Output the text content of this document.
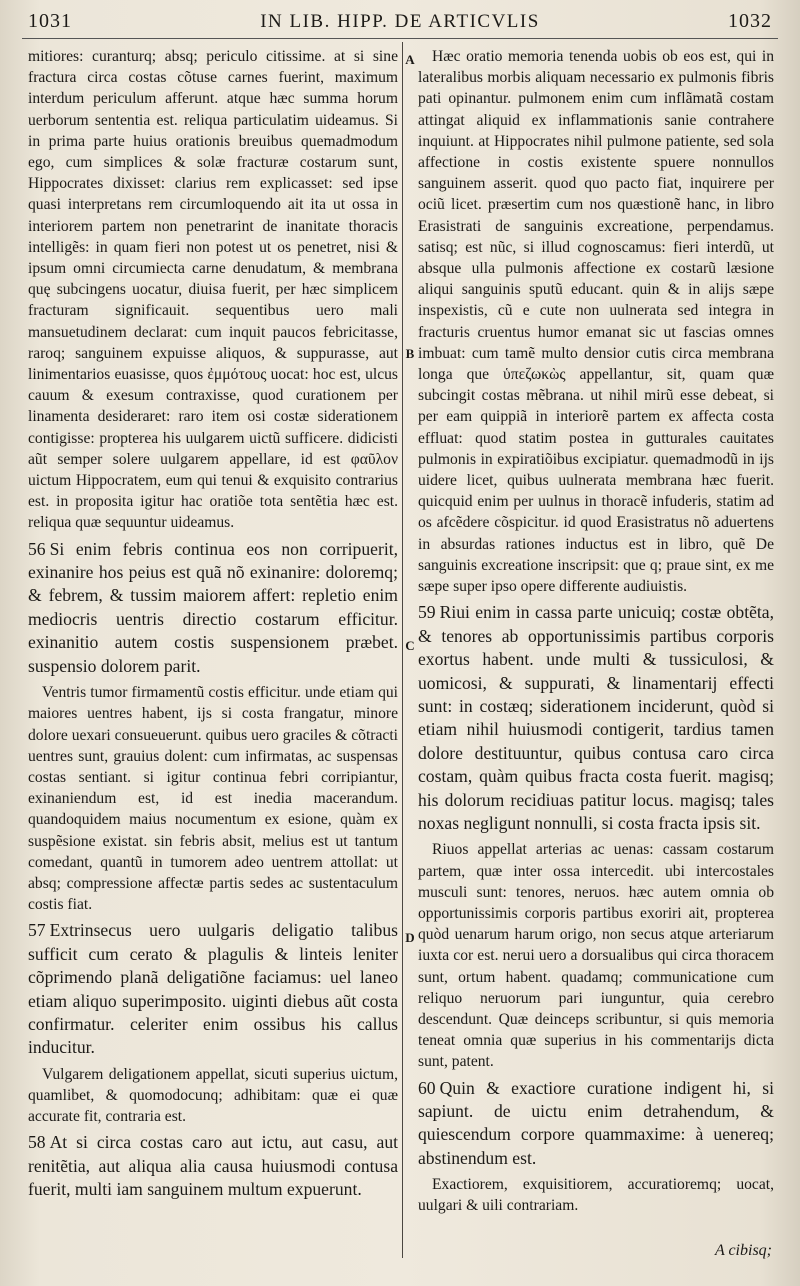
1031	IN LIB. HIPP. DE ARTICVLIS	1032

mitiores: curanturq; absq; periculo citissime. at si sine fractura circa costas cõtuse carnes fuerint, maximum interdum periculum afferunt. atque hæc summa horum uerborum sententia est. reliqua particulatim uideamus. Si in prima parte huius orationis breuibus quemadmodum ego, cum simplices & solæ fracturæ costarum sunt, Hippocrates dixisset: clarius rem explicasset: sed ipse quasi interpretans rem circumloquendo ait ita ut ossa in interiorem partem non penetrarint de inanitate thoracis intelligẽs: in quam fieri non potest ut os penetret, nisi & ipsum omni circumiecta carne denudatum, & membrana quę subcingens uocatur, diuisa fuerit, per hæc simplicem fracturam significauit. sequentibus uero mali mansuetudinem declarat: cum inquit paucos febricitasse, raroq; sanguinem expuisse aliquos, & suppurasse, aut linimentarios euasisse, quos ἐμμότους uocat: hoc est, ulcus cauum & exesum contraxisse, quod curationem per linamenta desideraret: raro item osi costæ siderationem contigisse: propterea his uulgarem uictũ sufficere. didicisti aũt semper solere uulgarem appellare, id est φαῦλον uictum Hippocratem, eum qui tenui & exquisito contrarius est. in proposita igitur hac oratiõe tota sentẽtia hæc est. reliqua quæ sequuntur uideamus.

56 Si enim febris continua eos non corripuerit, exinanire hos peius est quã nõ exinanire: doloremq; & febrem, & tussim maiorem affert: repletio enim mediocris uentris directio costarum efficitur. exinanitio autem costis suspensionem præbet. suspensio dolorem parit.

Ventris tumor firmamentũ costis efficitur. unde etiam qui maiores uentres habent, ijs si costa frangatur, minore dolore uexari consueuerunt. quibus uero graciles & cõtracti uentres sunt, grauius dolent: cum infirmatas, ac suspensas costas sentiant. si igitur continua febri corripiantur, exinaniendum est, id est inedia macerandum. quandoquidem maius nocumentum ex esione, quàm ex suspẽsione existat. sin febris absit, melius est ut tantum comedant, quantũ in tumorem adeo uentrem attollat: ut absq; compressione affectæ partis sedes ac sustentaculum costis fiat.

57 Extrinsecus uero uulgaris deligatio talibus sufficit cum cerato & plagulis & linteis leniter cõprimendo planã deligatiõne faciamus: uel laneo etiam aliquo superimposito. uiginti diebus aũt costa confirmatur. celeriter enim ossibus his callus inducitur.

Vulgarem deligationem appellat, sicuti superius uictum, quamlibet, & quomodocunq; adhibitam: quæ ei quæ accurate fit, contraria est.

58 At si circa costas caro aut ictu, aut casu, aut renitẽtia, aut aliqua alia causa huiusmodi contusa fuerit, multi iam sanguinem multum expuerunt.

A
B
C
D

Hæc oratio memoria tenenda uobis ob eos est, qui in lateralibus morbis aliquam necessario ex pulmonis fibris pati opinantur. pulmonem enim cum inflãmatã costam attingat aliquid ex inflammationis sanie contrahere inquiunt. at Hippocrates nihil pulmone patiente, sed sola affectione in costis existente spuere nonnullos sanguinem asserit. quod quo pacto fiat, inquirere per ociũ licet. præsertim cum nos quæstionẽ hanc, in libro Erasistrati de sanguinis excreatione, perpendamus. satisq; est nũc, si illud cognoscamus: fieri interdũ, ut absque ulla pulmonis affectione ex costarũ læsione aliqui sanguinis sputũ educant. quin & in alijs sæpe inspexistis, cũ e cute non uulnerata sed integra in fracturis cruentus humor emanat sic ut fascias omnes imbuat: cum tamẽ multo densior cutis circa membrana longa que ὑπεζωκὼς appellantur, sit, quam quæ subcingit costas mẽbrana. ut nihil mirũ esse debeat, si per eam quippiã in interiorẽ partem ex affecta costa effluat: quod statim postea in gutturales cauitates pulmonis in expiratiõibus excipiatur. quemadmodũ in ijs uidere licet, quibus uulnerata membrana hæc fuerit. quicquid enim per uulnus in thoracẽ infuderis, statim ad os afcẽdere cõspicitur. id quod Erasistratus nõ aduertens in absurdas rationes inductus est in libro, quẽ De sanguinis excreatione inscripsit: que q; praue sint, ex me sæpe super ipso opere differente audiuistis.

59 Riui enim in cassa parte unicuiq; costæ obtẽta, & tenores ab opportunissimis partibus corporis exortus habent. unde multi & tussiculosi, & uomicosi, & suppurati, & linamentarij effecti sunt: in costæq; siderationem inciderunt, quòd si etiam nihil huiusmodi contigerit, tardius tamen dolore destituuntur, quibus contusa caro circa costam, quàm quibus fracta costa fuerit. magisq; his dolorum recidiuas patitur locus. magisq; tales noxas negligunt nonnulli, si costa fracta ipsis sit.

Riuos appellat arterias ac uenas: cassam costarum partem, quæ inter ossa intercedit. ubi intercostales musculi sunt: tenores, neruos. hæc autem omnia ob opportunissimis corporis partibus exoriri ait, propterea quòd uenarum harum origo, non secus atque arteriarum iuxta cor est. nerui uero a dorsualibus qui circa thoracem sunt, ortum habent. quadamq; communicatione cum reliquo neruorum pari iunguntur, quia cerebro descendunt. Quæ deinceps scribuntur, si quis memoria teneat omnia quæ superius in his commentarijs dicta sunt, patent.

60 Quin & exactiore curatione indigent hi, si sapiunt. de uictu enim detrahendum, & quiescendum corpore quammaxime: à uenereq; abstinendum est.

Exactiorem, exquisitiorem, accuratioremq; uocat, uulgari & uili contrariam.

A cibisq;
